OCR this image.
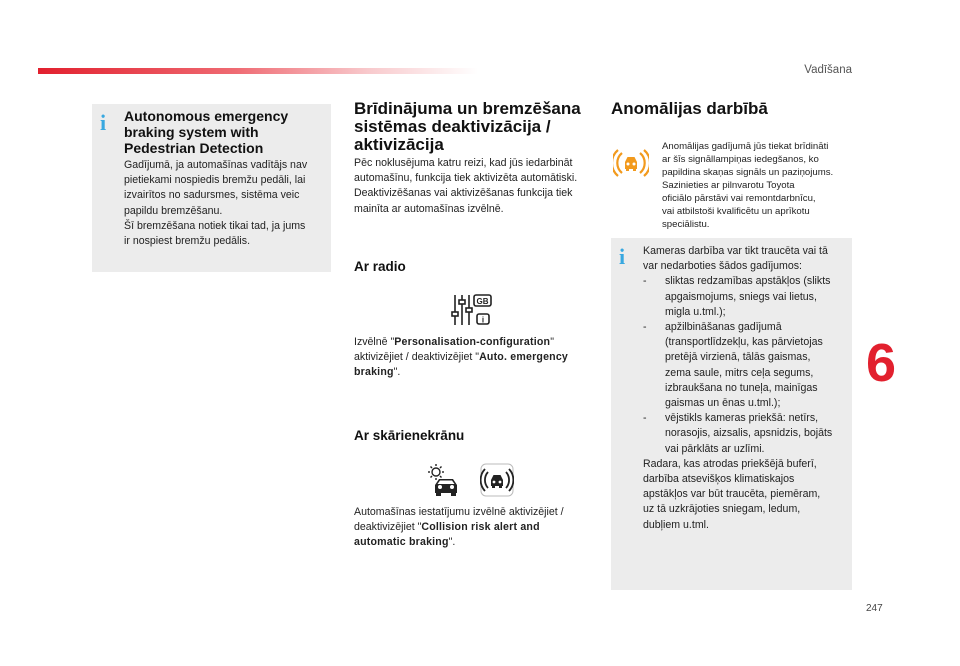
Vadīšana
6
247
i Autonomous emergency braking system with Pedestrian Detection
Gadījumā, ja automašīnas vadītājs nav
pietiekami nospiedis bremžu pedāli, lai
izvairītos no sadursmes, sistēma veic
papildu bremzēšanu.
Šī bremzēšana notiek tikai tad, ja jums
ir nospiest bremžu pedālis.
Brīdinājuma un bremzēšana
sistēmas deaktivizācija /
aktivizācija
Pēc noklusējuma katru reizi, kad jūs iedarbināt
automašīnu, funkcija tiek aktivizēta automātiski.
Deaktivizēšanas vai aktivizēšanas funkcija tiek
mainīta ar automašīnas izvēlnē.
Ar radio
GB
i
Izvēlnē "Personalisation-configuration" aktivizējiet / deaktivizējiet "Auto. emergency braking".
Ar skārienekrānu
Automašīnas iestatījumu izvēlnē aktivizējiet / deaktivizējiet "Collision risk alert and automatic braking".
Anomālijas darbībā
Anomālijas gadījumā jūs tiekat brīdināti
ar šīs signāllampiņas iedegšanos, ko
papildina skaņas signāls un paziņojums.
Sazinieties ar pilnvarotu Toyota
oficiālo pārstāvi vai remontdarbnīcu,
vai atbilstoši kvalificētu un aprīkotu
speciālistu.
i Kameras darbība var tikt traucēta vai tā
var nedarboties šādos gadījumos:
- sliktas redzamības apstākļos (slikts
apgaismojums, sniegs vai lietus,
migla u.tml.);
- apžilbināšanas gadījumā
(transportlīdzekļu, kas pārvietojas
pretējā virzienā, tālās gaismas,
zema saule, mitrs ceļa segums,
izbraukšana no tuneļa, mainīgas
gaismas un ēnas u.tml.);
- vējstikls kameras priekšā: netīrs,
norasojis, aizsalis, apsnidzis, bojāts
vai pārklāts ar uzlīmi.
Radara, kas atrodas priekšējā buferī,
darbība atsevišķos klimatiskajos
apstākļos var būt traucēta, piemēram,
uz tā uzkrājoties sniegam, ledum,
dubļiem u.tml.
